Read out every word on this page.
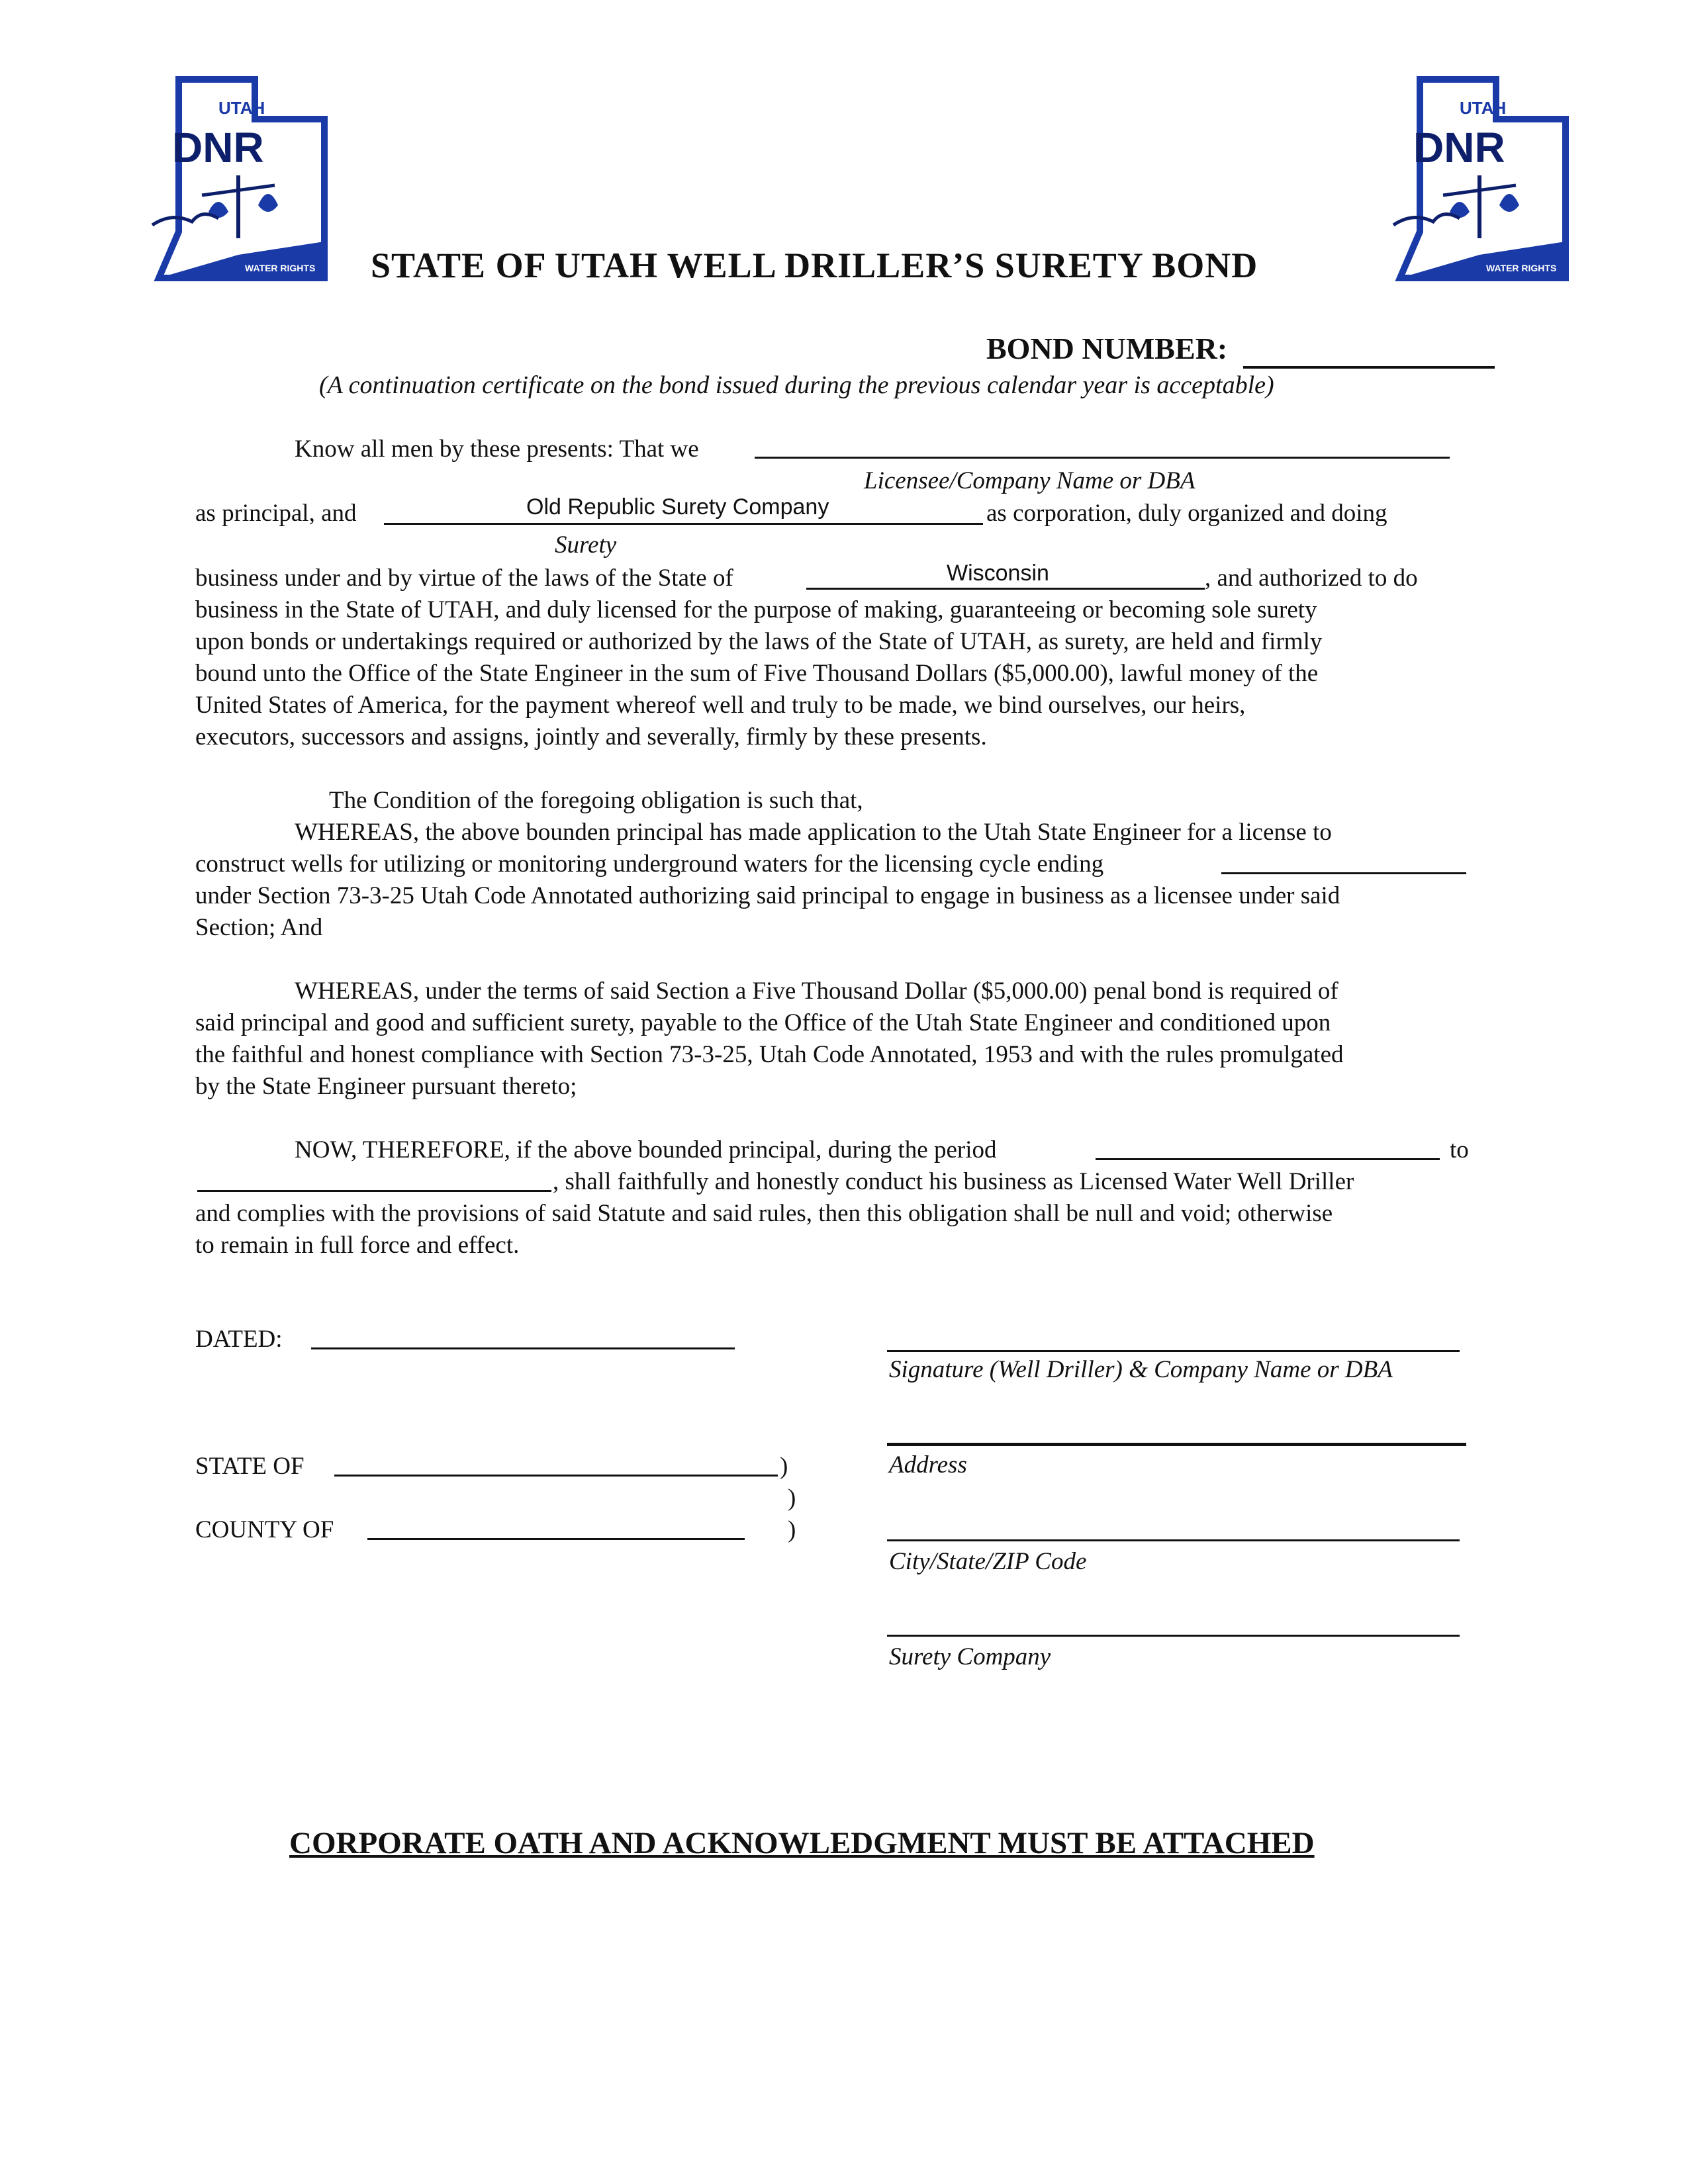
UTAH
DNR
WATER RIGHTS
UTAH
DNR
WATER RIGHTS
STATE OF UTAH WELL DRILLER’S SURETY BOND
BOND NUMBER:
(A continuation certificate on the bond issued during the previous calendar year is acceptable)
Know all men by these presents: That we
Licensee/Company Name or DBA
as principal, and	Old Republic Surety Company	as corporation, duly organized and doing
Surety
business under and by virtue of the laws of the State of	Wisconsin	, and authorized to do
business in the State of UTAH, and duly licensed for the purpose of making, guaranteeing or becoming sole surety
upon bonds or undertakings required or authorized by the laws of the State of UTAH, as surety, are held and firmly
bound unto the Office of the State Engineer in the sum of Five Thousand Dollars ($5,000.00), lawful money of the
United States of America, for the payment whereof well and truly to be made, we bind ourselves, our heirs,
executors, successors and assigns, jointly and severally, firmly by these presents.
The Condition of the foregoing obligation is such that,
WHEREAS, the above bounden principal has made application to the Utah State Engineer for a license to
construct wells for utilizing or monitoring underground waters for the licensing cycle ending
under Section 73-3-25 Utah Code Annotated authorizing said principal to engage in business as a licensee under said
Section; And
WHEREAS, under the terms of said Section a Five Thousand Dollar ($5,000.00) penal bond is required of
said principal and good and sufficient surety, payable to the Office of the Utah State Engineer and conditioned upon
the faithful and honest compliance with Section 73-3-25, Utah Code Annotated, 1953 and with the rules promulgated
by the State Engineer pursuant thereto;
NOW, THEREFORE, if the above bounded principal, during the period	to
, shall faithfully and honestly conduct his business as Licensed Water Well Driller
and complies with the provisions of said Statute and said rules, then this obligation shall be null and void; otherwise
to remain in full force and effect.
DATED:
Signature (Well Driller) & Company Name or DBA
Address
STATE OF	)
)
COUNTY OF	)
City/State/ZIP Code
Surety Company
CORPORATE OATH AND ACKNOWLEDGMENT MUST BE ATTACHED
